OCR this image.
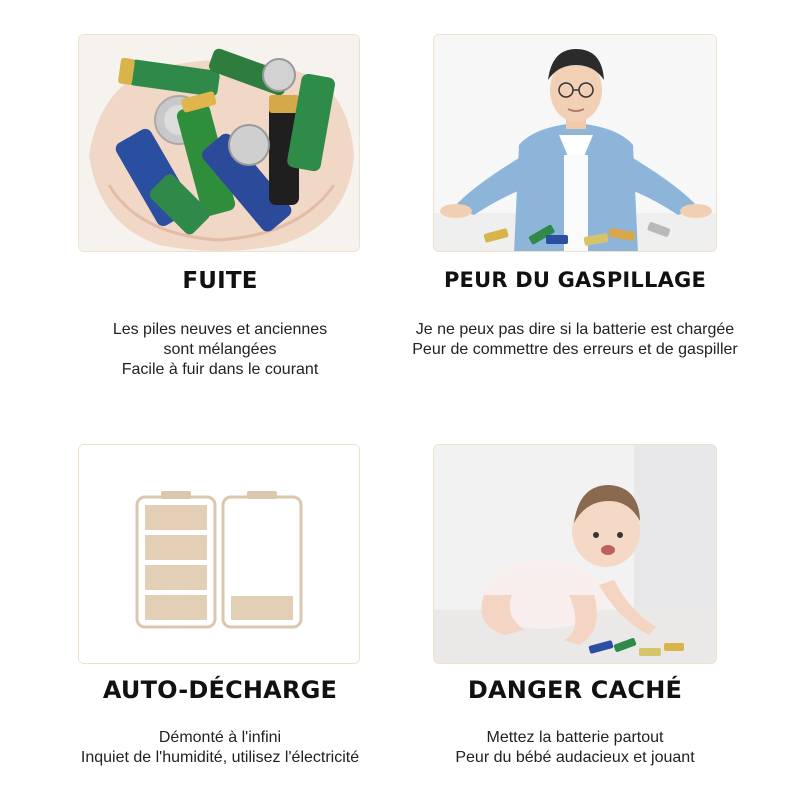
FUITE
Les piles neuves et anciennes
sont mélangées
Facile à fuir dans le courant
PEUR DU GASPILLAGE
Je ne peux pas dire si la batterie est chargée
Peur de commettre des erreurs et de gaspiller
AUTO-DÉCHARGE
Démonté à l'infini
Inquiet de l'humidité, utilisez l'électricité
DANGER CACHÉ
Mettez la batterie partout
Peur du bébé audacieux et jouant
